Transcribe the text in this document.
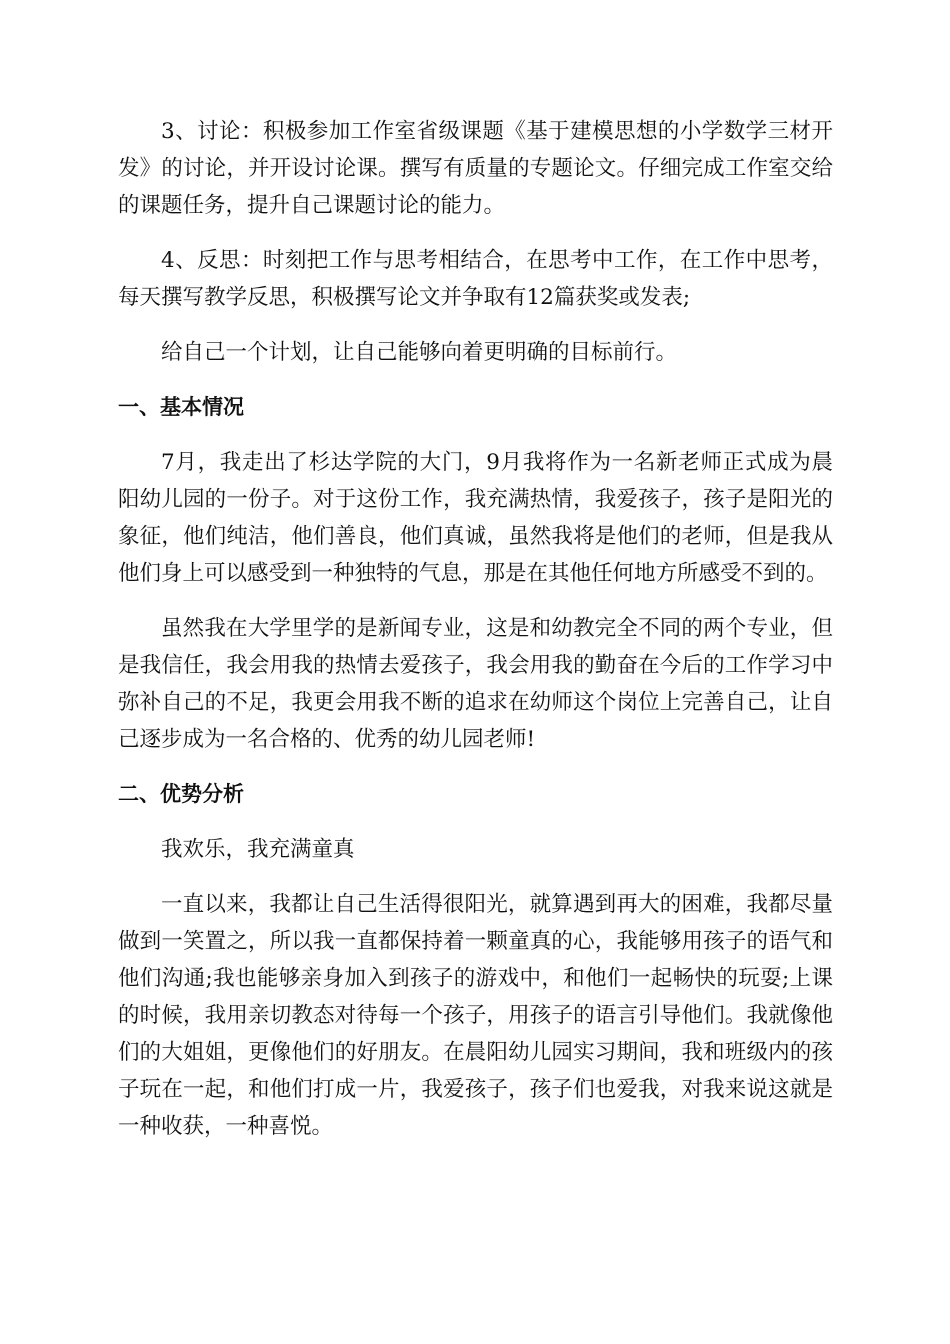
3、讨论：积极参加工作室省级课题《基于建模思想的小学数学三材开发》的讨论，并开设讨论课。撰写有质量的专题论文。仔细完成工作室交给的课题任务，提升自己课题讨论的能力。

4、反思：时刻把工作与思考相结合，在思考中工作，在工作中思考，每天撰写教学反思，积极撰写论文并争取有12篇获奖或发表;

给自己一个计划，让自己能够向着更明确的目标前行。

一、基本情况

7月，我走出了杉达学院的大门，9月我将作为一名新老师正式成为晨阳幼儿园的一份子。对于这份工作，我充满热情，我爱孩子，孩子是阳光的象征，他们纯洁，他们善良，他们真诚，虽然我将是他们的老师，但是我从他们身上可以感受到一种独特的气息，那是在其他任何地方所感受不到的。

虽然我在大学里学的是新闻专业，这是和幼教完全不同的两个专业，但是我信任，我会用我的热情去爱孩子，我会用我的勤奋在今后的工作学习中弥补自己的不足，我更会用我不断的追求在幼师这个岗位上完善自己，让自己逐步成为一名合格的、优秀的幼儿园老师!

二、优势分析

我欢乐，我充满童真

一直以来，我都让自己生活得很阳光，就算遇到再大的困难，我都尽量做到一笑置之，所以我一直都保持着一颗童真的心，我能够用孩子的语气和他们沟通;我也能够亲身加入到孩子的游戏中，和他们一起畅快的玩耍;上课的时候，我用亲切教态对待每一个孩子，用孩子的语言引导他们。我就像他们的大姐姐，更像他们的好朋友。在晨阳幼儿园实习期间，我和班级内的孩子玩在一起，和他们打成一片，我爱孩子，孩子们也爱我，对我来说这就是一种收获，一种喜悦。
